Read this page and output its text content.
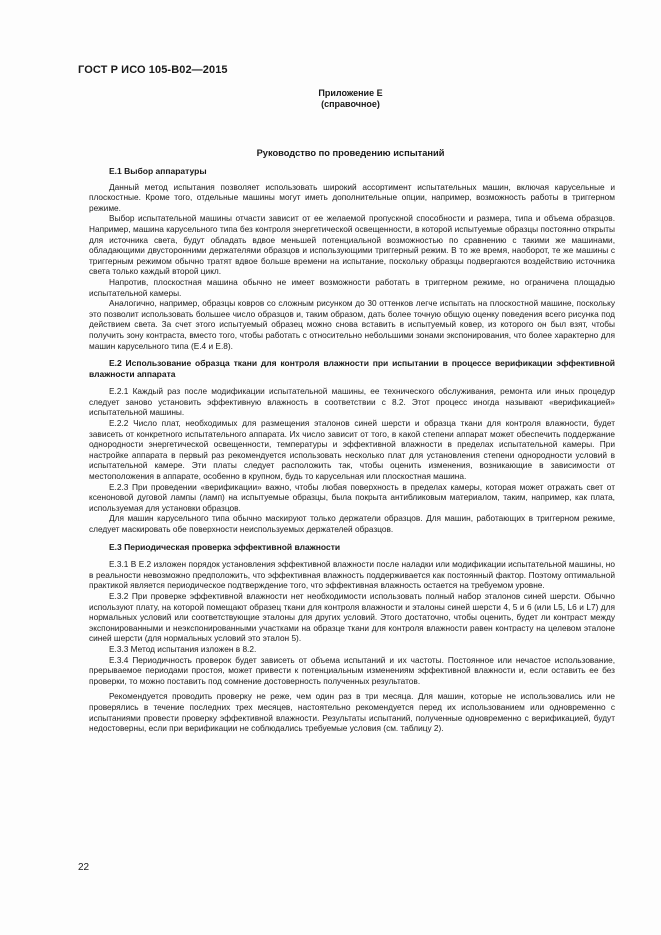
ГОСТ Р ИСО 105-В02—2015
Приложение Е
(справочное)
Руководство по проведению испытаний
Е.1 Выбор аппаратуры

Данный метод испытания позволяет использовать широкий ассортимент испытательных машин, включая карусельные и плоскостные. Кроме того, отдельные машины могут иметь дополнительные опции, например, возможность работы в триггерном режиме.

Выбор испытательной машины отчасти зависит от ее желаемой пропускной способности и размера, типа и объема образцов. Например, машина карусельного типа без контроля энергетической освещенности, в которой испытуемые образцы постоянно открыты для источника света, будут обладать вдвое меньшей потенциальной возможностью по сравнению с такими же машинами, обладающими двусторонними держателями образцов и использующими триггерный режим. В то же время, наоборот, те же машины с триггерным режимом обычно тратят вдвое больше времени на испытание, поскольку образцы подвергаются воздействию источника света только каждый второй цикл.

Напротив, плоскостная машина обычно не имеет возможности работать в триггерном режиме, но ограничена площадью испытательной камеры.

Аналогично, например, образцы ковров со сложным рисунком до 30 оттенков легче испытать на плоскостной машине, поскольку это позволит использовать большее число образцов и, таким образом, дать более точную общую оценку поведения всего рисунка под действием света. За счет этого испытуемый образец можно снова вставить в испытуемый ковер, из которого он был взят, чтобы получить зону контраста, вместо того, чтобы работать с относительно небольшими зонами экспонирования, что более характерно для машин карусельного типа (Е.4 и Е.8).

Е.2 Использование образца ткани для контроля влажности при испытании в процессе верификации эффективной влажности аппарата

Е.2.1 Каждый раз после модификации испытательной машины, ее технического обслуживания, ремонта или иных процедур следует заново установить эффективную влажность в соответствии с 8.2. Этот процесс иногда называют «верификацией» испытательной машины.

Е.2.2 Число плат, необходимых для размещения эталонов синей шерсти и образца ткани для контроля влажности, будет зависеть от конкретного испытательного аппарата. Их число зависит от того, в какой степени аппарат может обеспечить поддержание однородности энергетической освещенности, температуры и эффективной влажности в пределах испытательной камеры. При настройке аппарата в первый раз рекомендуется использовать несколько плат для установления степени однородности условий в испытательной камере. Эти платы следует расположить так, чтобы оценить изменения, возникающие в зависимости от местоположения в аппарате, особенно в крупном, будь то карусельная или плоскостная машина.

Е.2.3 При проведении «верификации» важно, чтобы любая поверхность в пределах камеры, которая может отражать свет от ксеноновой дуговой лампы (ламп) на испытуемые образцы, была покрыта антибликовым материалом, таким, например, как плата, используемая для установки образцов.

Для машин карусельного типа обычно маскируют только держатели образцов. Для машин, работающих в триггерном режиме, следует маскировать обе поверхности неиспользуемых держателей образцов.

Е.3 Периодическая проверка эффективной влажности

Е.3.1 В Е.2 изложен порядок установления эффективной влажности после наладки или модификации испытательной машины, но в реальности невозможно предположить, что эффективная влажность поддерживается как постоянный фактор. Поэтому оптимальной практикой является периодическое подтверждение того, что эффективная влажность остается на требуемом уровне.

Е.3.2 При проверке эффективной влажности нет необходимости использовать полный набор эталонов синей шерсти. Обычно используют плату, на которой помещают образец ткани для контроля влажности и эталоны синей шерсти 4, 5 и 6 (или L5, L6 и L7) для нормальных условий или соответствующие эталоны для других условий. Этого достаточно, чтобы оценить, будет ли контраст между экспонированными и неэкспонированными участками на образце ткани для контроля влажности равен контрасту на целевом эталоне синей шерсти (для нормальных условий это эталон 5).

Е.3.3 Метод испытания изложен в 8.2.

Е.3.4 Периодичность проверок будет зависеть от объема испытаний и их частоты. Постоянное или нечастое использование, прерываемое периодами простоя, может привести к потенциальным изменениям эффективной влажности и, если оставить ее без проверки, то можно поставить под сомнение достоверность полученных результатов.

Рекомендуется проводить проверку не реже, чем один раз в три месяца. Для машин, которые не использовались или не проверялись в течение последних трех месяцев, настоятельно рекомендуется перед их использованием или одновременно с испытаниями провести проверку эффективной влажности. Результаты испытаний, полученные одновременно с верификацией, будут недостоверны, если при верификации не соблюдались требуемые условия (см. таблицу 2).

22
